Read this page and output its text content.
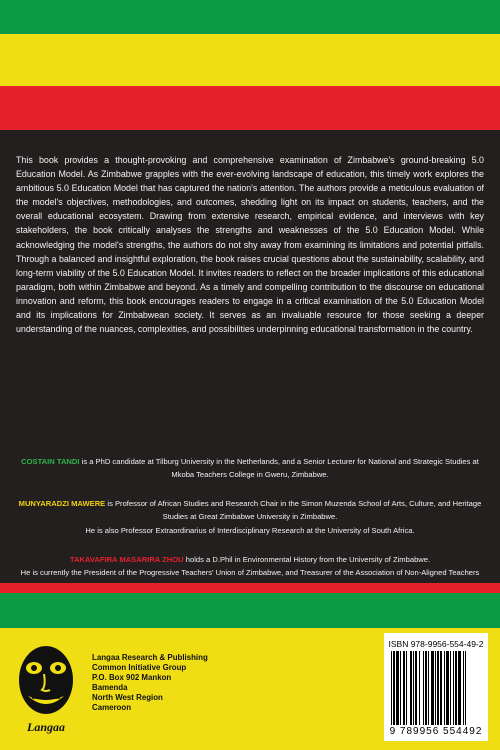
This book provides a thought-provoking and comprehensive examination of Zimbabwe's ground-breaking 5.0 Education Model. As Zimbabwe grapples with the ever-evolving landscape of education, this timely work explores the ambitious 5.0 Education Model that has captured the nation's attention. The authors provide a meticulous evaluation of the model's objectives, methodologies, and outcomes, shedding light on its impact on students, teachers, and the overall educational ecosystem. Drawing from extensive research, empirical evidence, and interviews with key stakeholders, the book critically analyses the strengths and weaknesses of the 5.0 Education Model. While acknowledging the model's strengths, the authors do not shy away from examining its limitations and potential pitfalls. Through a balanced and insightful exploration, the book raises crucial questions about the sustainability, scalability, and long-term viability of the 5.0 Education Model. It invites readers to reflect on the broader implications of this educational paradigm, both within Zimbabwe and beyond. As a timely and compelling contribution to the discourse on educational innovation and reform, this book encourages readers to engage in a critical examination of the 5.0 Education Model and its implications for Zimbabwean society. It serves as an invaluable resource for those seeking a deeper understanding of the nuances, complexities, and possibilities underpinning educational transformation in the country.

COSTAIN TANDI is a PhD candidate at Tilburg University in the Netherlands, and a Senior Lecturer for National and Strategic Studies at Mkoba Teachers College in Gweru, Zimbabwe.

MUNYARADZI MAWERE is Professor of African Studies and Research Chair in the Simon Muzenda School of Arts, Culture, and Heritage Studies at Great Zimbabwe University in Zimbabwe.
He is also Professor Extraordinarius of Interdisciplinary Research at the University of South Africa.

TAKAVAFIRA MASARIRA ZHOU holds a D.Phil in Environmental History from the University of Zimbabwe.
He is currently the President of the Progressive Teachers' Union of Zimbabwe, and Treasurer of the Association of Non-Aligned Teachers

Langaa
Langaa Research & Publishing
Common Initiative Group
P.O. Box 902 Mankon
Bamenda
North West Region
Cameroon
ISBN 978-9956-554-49-2
9 789956 554492
